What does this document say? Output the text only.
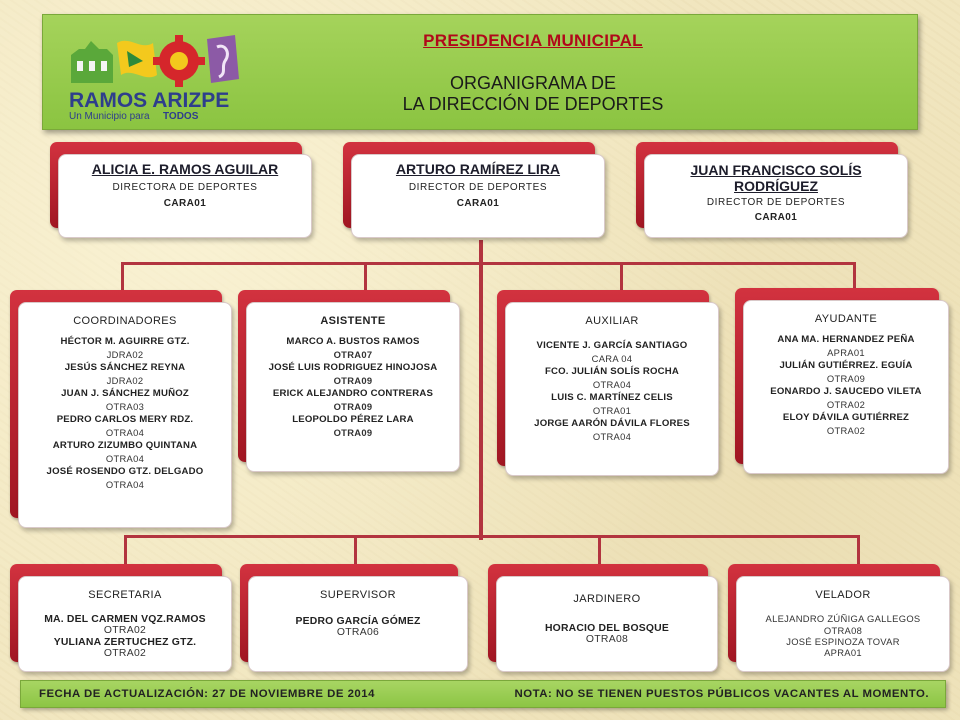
RAMOS ARIZPE
Un Municipio para TODOS
PRESIDENCIA MUNICIPAL
ORGANIGRAMA DE
LA DIRECCIÓN DE DEPORTES
ALICIA E. RAMOS AGUILAR
DIRECTORA DE DEPORTES
CARA01
ARTURO RAMÍREZ LIRA
DIRECTOR DE DEPORTES
CARA01
JUAN FRANCISCO SOLÍS RODRÍGUEZ
DIRECTOR DE DEPORTES
CARA01
COORDINADORES
HÉCTOR M. AGUIRRE GTZ.
JDRA02
JESÚS SÁNCHEZ REYNA
JDRA02
JUAN J. SÁNCHEZ MUÑOZ
OTRA03
PEDRO CARLOS MERY RDZ.
OTRA04
ARTURO ZIZUMBO QUINTANA
OTRA04
JOSÉ ROSENDO GTZ. DELGADO
OTRA04
ASISTENTE
MARCO A. BUSTOS RAMOS
OTRA07
JOSÉ LUIS RODRIGUEZ HINOJOSA
OTRA09
ERICK ALEJANDRO CONTRERAS
OTRA09
LEOPOLDO PÉREZ LARA
OTRA09
AUXILIAR
VICENTE J. GARCÍA SANTIAGO
CARA 04
FCO. JULIÁN SOLÍS ROCHA
OTRA04
LUIS C. MARTÍNEZ CELIS
OTRA01
JORGE AARÓN DÁVILA FLORES
OTRA04
AYUDANTE
ANA MA. HERNANDEZ PEÑA
APRA01
JULIÁN GUTIÉRREZ. EGUÍA
OTRA09
EONARDO J. SAUCEDO VILETA
OTRA02
ELOY DÁVILA GUTIÉRREZ
OTRA02
SECRETARIA
MA. DEL CARMEN VQZ.RAMOS
OTRA02
YULIANA ZERTUCHEZ GTZ.
OTRA02
SUPERVISOR
PEDRO GARCÍA GÓMEZ
OTRA06
JARDINERO
HORACIO DEL BOSQUE
OTRA08
VELADOR
ALEJANDRO ZÚÑIGA GALLEGOS
OTRA08
JOSÉ ESPINOZA TOVAR
APRA01
FECHA DE ACTUALIZACIÓN: 27 DE NOVIEMBRE DE 2014	NOTA: NO SE TIENEN PUESTOS PÚBLICOS VACANTES AL MOMENTO.
